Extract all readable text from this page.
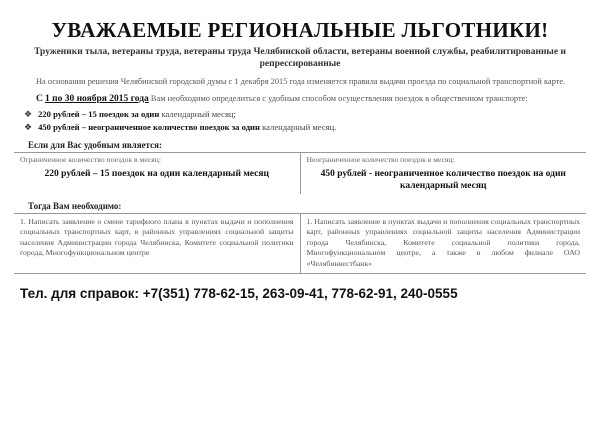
УВАЖАЕМЫЕ РЕГИОНАЛЬНЫЕ ЛЬГОТНИКИ!
Труженики тыла, ветераны труда, ветераны труда Челябинской области, ветераны военной службы, реабилитированные и репрессированные
На основании решения Челябинской городской думы с 1 декабря 2015 года изменяется правила выдачи проезда по социальной транспортной карте.
С 1 по 30 ноября 2015 года Вам необходимо определиться с удобным способом осуществления поездок в общественном транспорте:
❖ 220 рублей – 15 поездок за один календарный месяц;
❖ 450 рублей – неограниченное количество поездок за один календарный месяц.
Если для Вас удобным является:
Ограниченное количество поездок в месяц:
220 рублей – 15 поездок на один календарный месяц
Неограниченное количество поездок в месяц:
450 рублей - неограниченное количество поездок на один календарный месяц
Тогда Вам необходимо:
1. Написать заявление о смене тарифного плана в пунктах выдачи и пополнения социальных транспортных карт, в районных управлениях социальной защиты населения Администрации города Челябинска, Комитете социальной политики города, Многофункциональном центре
1. Написать заявление в пунктах выдачи и пополнения социальных транспортных карт, районных управлениях социальной защиты населения Администрации города Челябинска, Комитете социальной политики города, Многофункциональном центре, а также в любом филиале ОАО «Челябинвестбанк»
Тел. для справок: +7(351) 778-62-15, 263-09-41, 778-62-91, 240-0555
